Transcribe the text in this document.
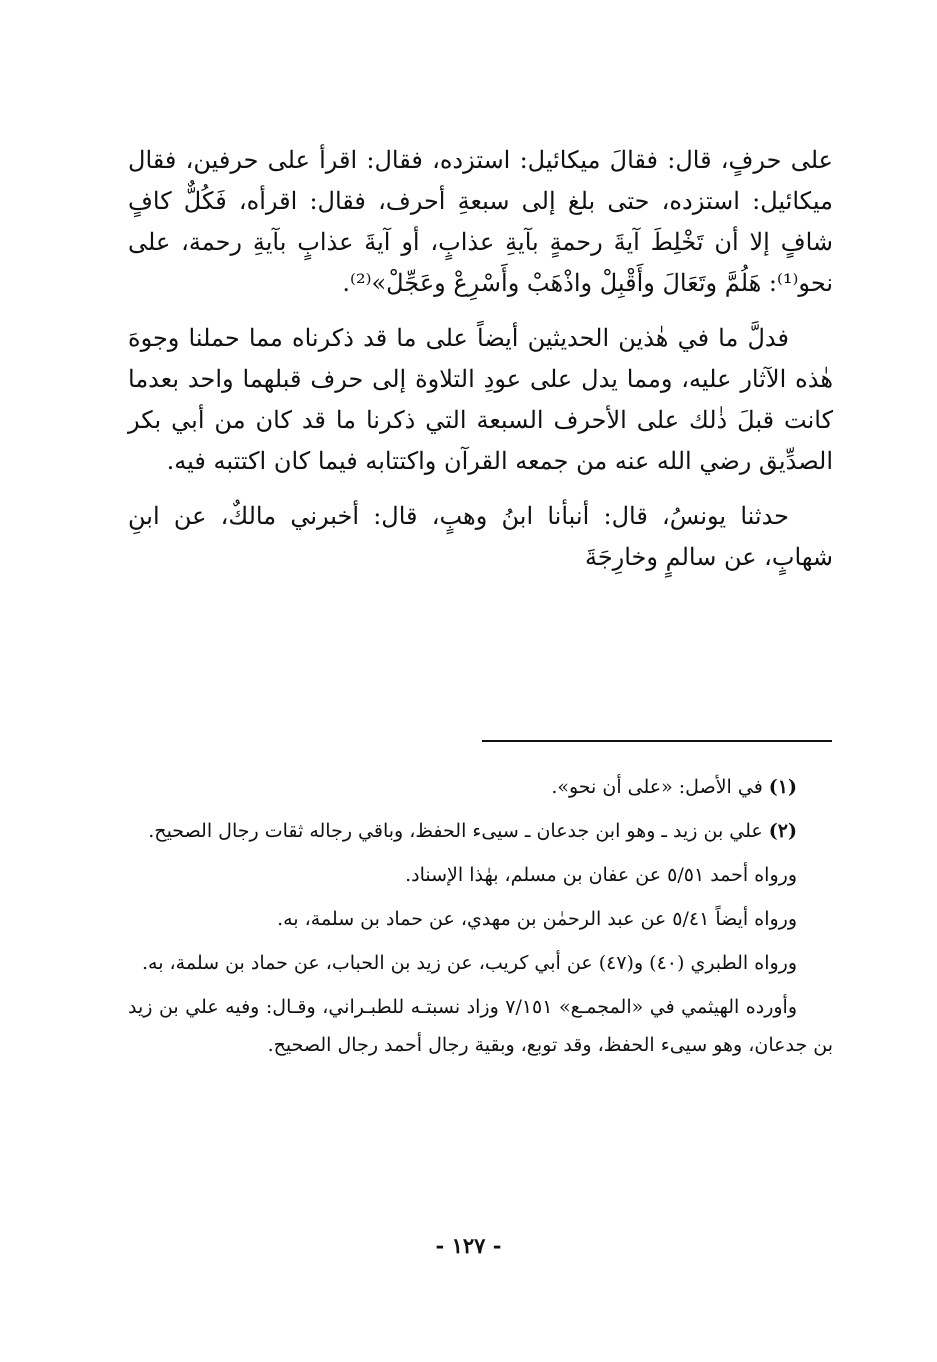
على حرفٍ، قال: فقالَ ميكائيل: استزده، فقال: اقرأ على حرفين، فقال ميكائيل: استزده، حتى بلغ إلى سبعةِ أحرف، فقال: اقرأه، فَكُلٌّ كافٍ شافٍ إلا أن تَخْلِطَ آيةَ رحمةٍ بآيةِ عذابٍ، أو آيةَ عذابٍ بآيةِ رحمة، على نحو⁽¹⁾: هَلُمَّ وتَعَالَ وأَقْبِلْ واذْهَبْ وأَسْرِعْ وعَجِّلْ»⁽²⁾.

فدلَّ ما في هٰذين الحديثين أيضاً على ما قد ذكرناه مما حملنا وجوهَ هٰذه الآثار عليه، ومما يدل على عودِ التلاوة إلى حرف قبلهما واحد بعدما كانت قبلَ ذٰلك على الأحرف السبعة التي ذكرنا ما قد كان من أبي بكر الصدِّيق رضي الله عنه من جمعه القرآن واكتتابه فيما كان اكتتبه فيه.

حدثنا يونسُ، قال: أنبأنا ابنُ وهبٍ، قال: أخبرني مالكٌ، عن ابنِ شهابٍ، عن سالمٍ وخارِجَةَ

(١)في الأصل: «على أن نحو».

(٢)علي بن زيد ـ وهو ابن جدعان ـ سيىء الحفظ، وباقي رجاله ثقات رجال الصحيح.

ورواه أحمد ٥/٥١ عن عفان بن مسلم، بهٰذا الإسناد.

ورواه أيضاً ٥/٤١ عن عبد الرحمٰن بن مهدي، عن حماد بن سلمة، به.

ورواه الطبري (٤٠) و(٤٧) عن أبي كريب، عن زيد بن الحباب، عن حماد بن سلمة، به.

وأورده الهيثمي في «المجمـع» ٧/١٥١ وزاد نسبتـه للطبـراني، وقـال: وفيه علي بن زيد بن جدعان، وهو سيىء الحفظ، وقد توبع، وبقية رجال أحمد رجال الصحيح.

- ١٢٧ -
